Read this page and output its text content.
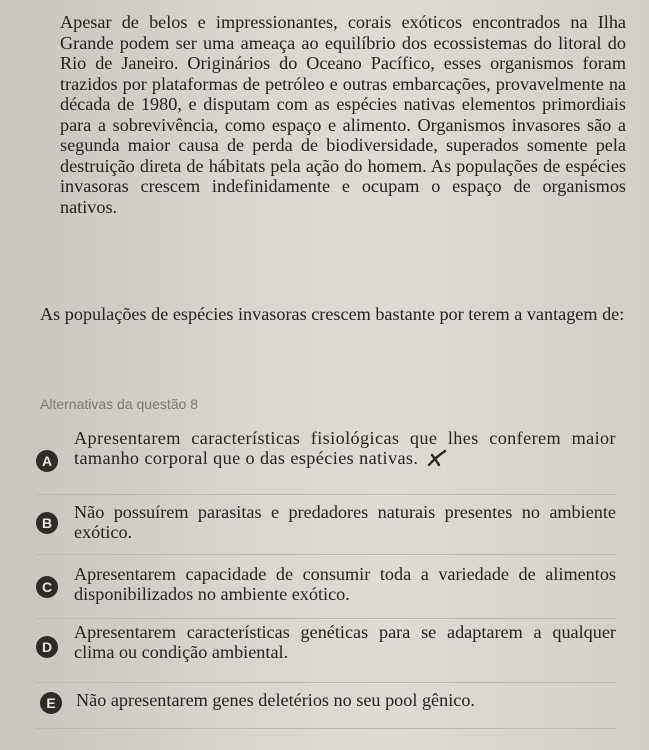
Apesar de belos e impressionantes, corais exóticos encontrados na Ilha Grande podem ser uma ameaça ao equilíbrio dos ecossistemas do litoral do Rio de Janeiro. Originários do Oceano Pacífico, esses organismos foram trazidos por plataformas de petróleo e outras embarcações, provavelmente na década de 1980, e disputam com as espécies nativas elementos primordiais para a sobrevivência, como espaço e alimento. Organismos invasores são a segunda maior causa de perda de biodiversidade, superados somente pela destruição direta de hábitats pela ação do homem. As populações de espécies invasoras crescem indefinidamente e ocupam o espaço de organismos nativos.

As populações de espécies invasoras crescem bastante por terem a vantagem de:

Alternativas da questão 8
A
Apresentarem características fisiológicas que lhes conferem maior tamanho corporal que o das espécies nativas.
B
Não possuírem parasitas e predadores naturais presentes no ambiente exótico.
C
Apresentarem capacidade de consumir toda a variedade de alimentos disponibilizados no ambiente exótico.
D
Apresentarem características genéticas para se adaptarem a qualquer clima ou condição ambiental.
E	Não apresentarem genes deletérios no seu pool gênico.
